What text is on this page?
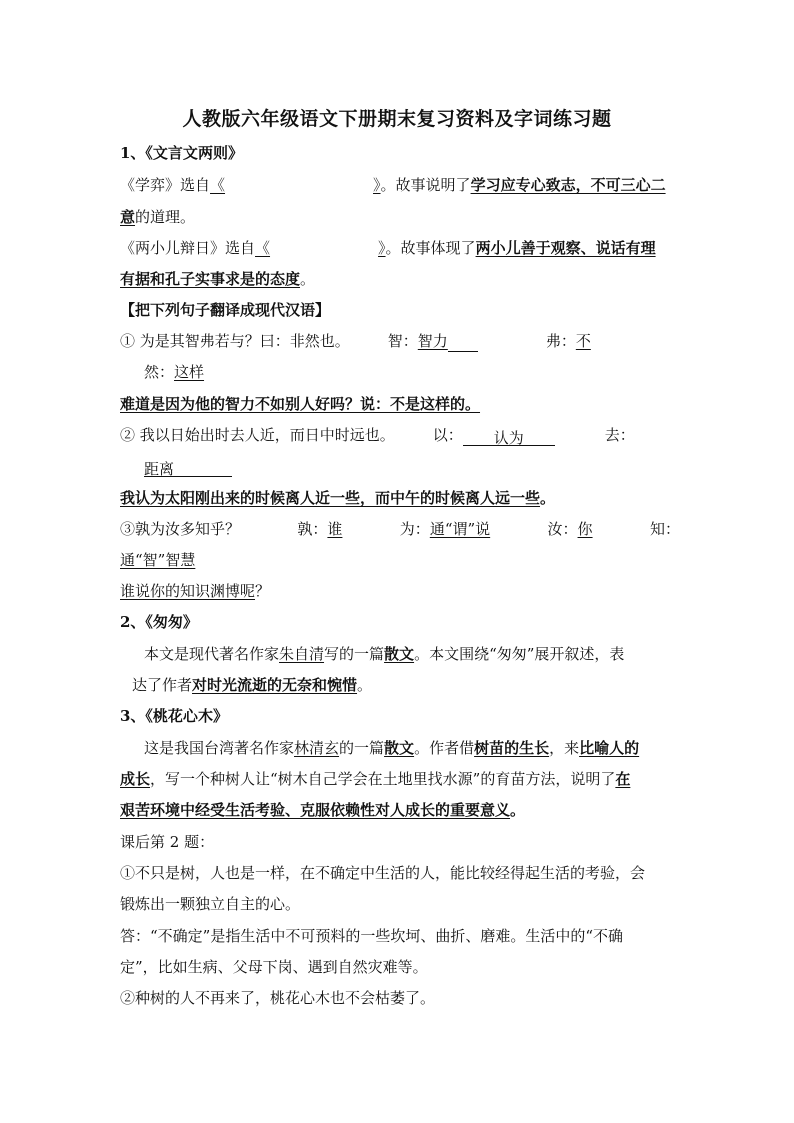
人教版六年级语文下册期末复习资料及字词练习题
1、《文言文两则》
《学弈》选自《	》。故事说明了学习应专心致志，不可三心二
意的道理。
《两小儿辩日》选自《	》。故事体现了两小儿善于观察、说话有理
有据和孔子实事求是的态度。
【把下列句子翻译成现代汉语】
① 为是其智弗若与？曰：非然也。	智：智力	弗：不
然：这样
难道是因为他的智力不如别人好吗？说：不是这样的。
② 我以日始出时去人近，而日中时远也。	以： 认为	去：
距离
我认为太阳刚出来的时候离人近一些，而中午的时候离人远一些。
③孰为汝多知乎？	孰：谁	为：通“谓”说	汝：你	知：
通“智”智慧
谁说你的知识渊博呢？
2、《匆匆》
本文是现代著名作家朱自清写的一篇散文。本文围绕“匆匆”展开叙述，表
达了作者对时光流逝的无奈和惋惜。
3、《桃花心木》
这是我国台湾著名作家林清玄的一篇散文。作者借树苗的生长，来比喻人的
成长，写一个种树人让“树木自己学会在土地里找水源”的育苗方法，说明了在
艰苦环境中经受生活考验、克服依赖性对人成长的重要意义。
课后第 2 题：
①不只是树，人也是一样，在不确定中生活的人，能比较经得起生活的考验，会
锻炼出一颗独立自主的心。
答：“不确定”是指生活中不可预料的一些坎坷、曲折、磨难。生活中的“不确
定”，比如生病、父母下岗、遇到自然灾难等。
②种树的人不再来了，桃花心木也不会枯萎了。
